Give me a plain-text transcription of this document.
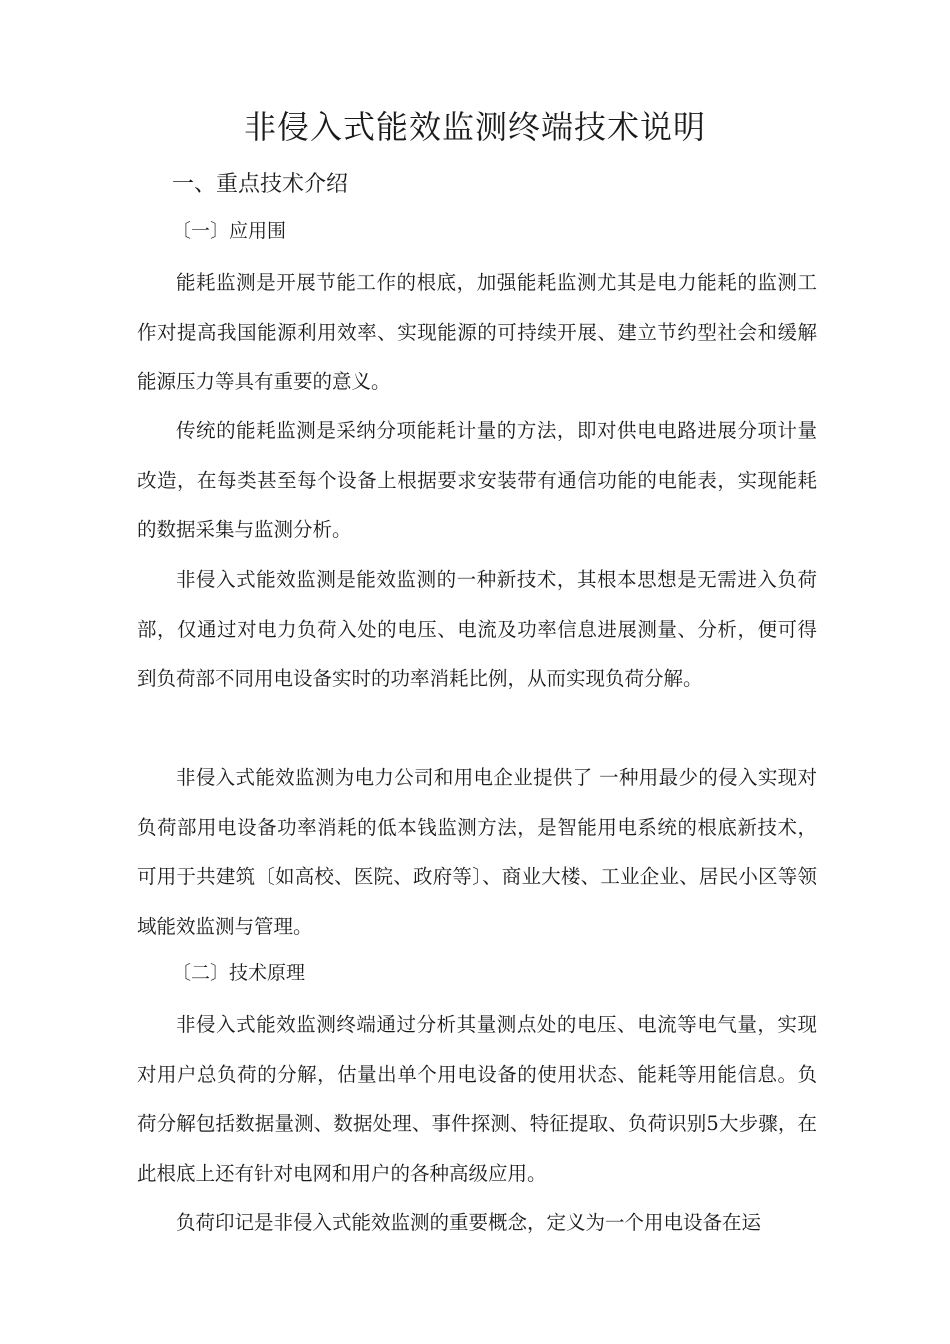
非侵入式能效监测终端技术说明
一、重点技术介绍
〔一〕应用围

能耗监测是开展节能工作的根底，加强能耗监测尤其是电力能耗的监测工作对提高我国能源利用效率、实现能源的可持续开展、建立节约型社会和缓解能源压力等具有重要的意义。

传统的能耗监测是采纳分项能耗计量的方法，即对供电电路进展分项计量改造，在每类甚至每个设备上根据要求安装带有通信功能的电能表，实现能耗的数据采集与监测分析。

非侵入式能效监测是能效监测的一种新技术，其根本思想是无需进入负荷部，仅通过对电力负荷入处的电压、电流及功率信息进展测量、分析，便可得到负荷部不同用电设备实时的功率消耗比例，从而实现负荷分解。

非侵入式能效监测为电力公司和用电企业提供了 一种用最少的侵入实现对负荷部用电设备功率消耗的低本钱监测方法，是智能用电系统的根底新技术，可用于共建筑〔如高校、医院、政府等〕、商业大楼、工业企业、居民小区等领域能效监测与管理。

〔二〕技术原理

非侵入式能效监测终端通过分析其量测点处的电压、电流等电气量，实现对用户总负荷的分解，估量出单个用电设备的使用状态、能耗等用能信息。负荷分解包括数据量测、数据处理、事件探测、特征提取、负荷识别5大步骤，在此根底上还有针对电网和用户的各种高级应用。

负荷印记是非侵入式能效监测的重要概念，定义为一个用电设备在运
